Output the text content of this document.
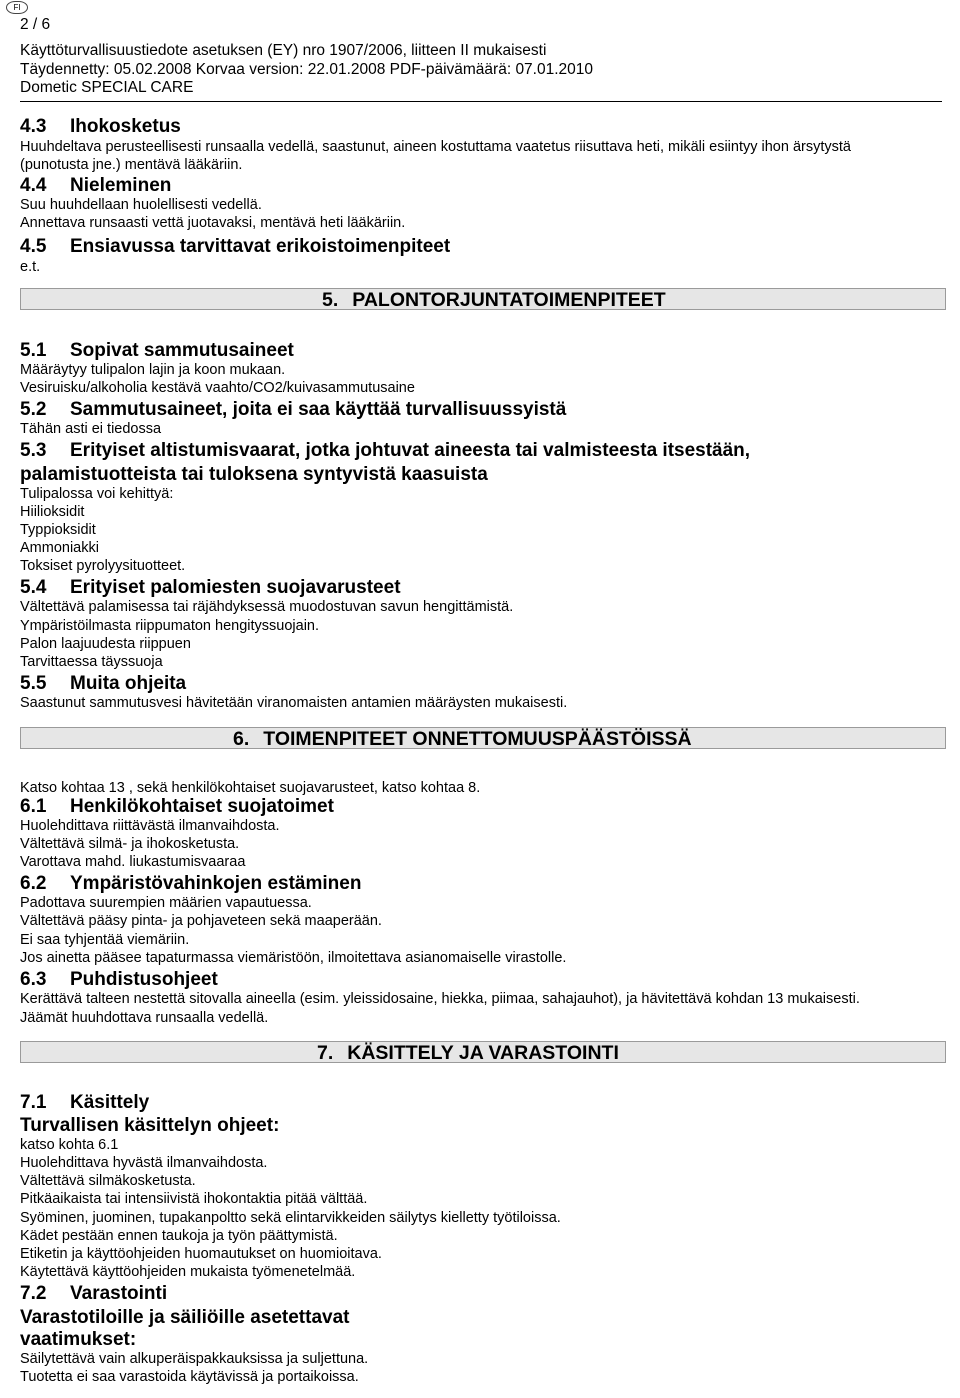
FI
2 / 6
Käyttöturvallisuustiedote asetuksen (EY) nro 1907/2006, liitteen II mukaisesti
Täydennetty: 05.02.2008 Korvaa version: 22.01.2008 PDF-päivämäärä: 07.01.2010
Dometic SPECIAL CARE
4.3 Ihokosketus
Huuhdeltava perusteellisesti runsaalla vedellä, saastunut, aineen kostuttama vaatetus riisuttava heti, mikäli esiintyy ihon ärsytystä
(punotusta jne.) mentävä lääkäriin.
4.4 Nieleminen
Suu huuhdellaan huolellisesti vedellä.
Annettava runsaasti vettä juotavaksi, mentävä heti lääkäriin.
4.5 Ensiavussa tarvittavat erikoistoimenpiteet
e.t.
5. PALONTORJUNTATOIMENPITEET
5.1 Sopivat sammutusaineet
Määräytyy tulipalon lajin ja koon mukaan.
Vesiruisku/alkoholia kestävä vaahto/CO2/kuivasammutusaine
5.2 Sammutusaineet, joita ei saa käyttää turvallisuussyistä
Tähän asti ei tiedossa
5.3 Erityiset altistumisvaarat, jotka johtuvat aineesta tai valmisteesta itsestään,
palamistuotteista tai tuloksena syntyvistä kaasuista
Tulipalossa voi kehittyä:
Hiilioksidit
Typpioksidit
Ammoniakki
Toksiset pyrolyysituotteet.
5.4 Erityiset palomiesten suojavarusteet
Vältettävä palamisessa tai räjähdyksessä muodostuvan savun hengittämistä.
Ympäristöilmasta riippumaton hengityssuojain.
Palon laajuudesta riippuen
Tarvittaessa täyssuoja
5.5 Muita ohjeita
Saastunut sammutusvesi hävitetään viranomaisten antamien määräysten mukaisesti.
6. TOIMENPITEET ONNETTOMUUSPÄÄSTÖISSÄ
Katso kohtaa 13 , sekä henkilökohtaiset suojavarusteet, katso kohtaa 8.
6.1 Henkilökohtaiset suojatoimet
Huolehdittava riittävästä ilmanvaihdosta.
Vältettävä silmä- ja ihokosketusta.
Varottava mahd. liukastumisvaaraa
6.2 Ympäristövahinkojen estäminen
Padottava suurempien määrien vapautuessa.
Vältettävä pääsy pinta- ja pohjaveteen sekä maaperään.
Ei saa tyhjentää viemäriin.
Jos ainetta pääsee tapaturmassa viemäristöön, ilmoitettava asianomaiselle virastolle.
6.3 Puhdistusohjeet
Kerättävä talteen nestettä sitovalla aineella (esim. yleissidosaine, hiekka, piimaa, sahajauhot), ja hävitettävä kohdan 13 mukaisesti.
Jäämät huuhdottava runsaalla vedellä.
7. KÄSITTELY JA VARASTOINTI
7.1 Käsittely
Turvallisen käsittelyn ohjeet:
katso kohta 6.1
Huolehdittava hyvästä ilmanvaihdosta.
Vältettävä silmäkosketusta.
Pitkäaikaista tai intensiivistä ihokontaktia pitää välttää.
Syöminen, juominen, tupakanpoltto sekä elintarvikkeiden säilytys kielletty työtiloissa.
Kädet pestään ennen taukoja ja työn päättymistä.
Etiketin ja käyttöohjeiden huomautukset on huomioitava.
Käytettävä käyttöohjeiden mukaista työmenetelmää.
7.2 Varastointi
Varastotiloille ja säiliöille asetettavat
vaatimukset:
Säilytettävä vain alkuperäispakkauksissa ja suljettuna.
Tuotetta ei saa varastoida käytävissä ja portaikoissa.
